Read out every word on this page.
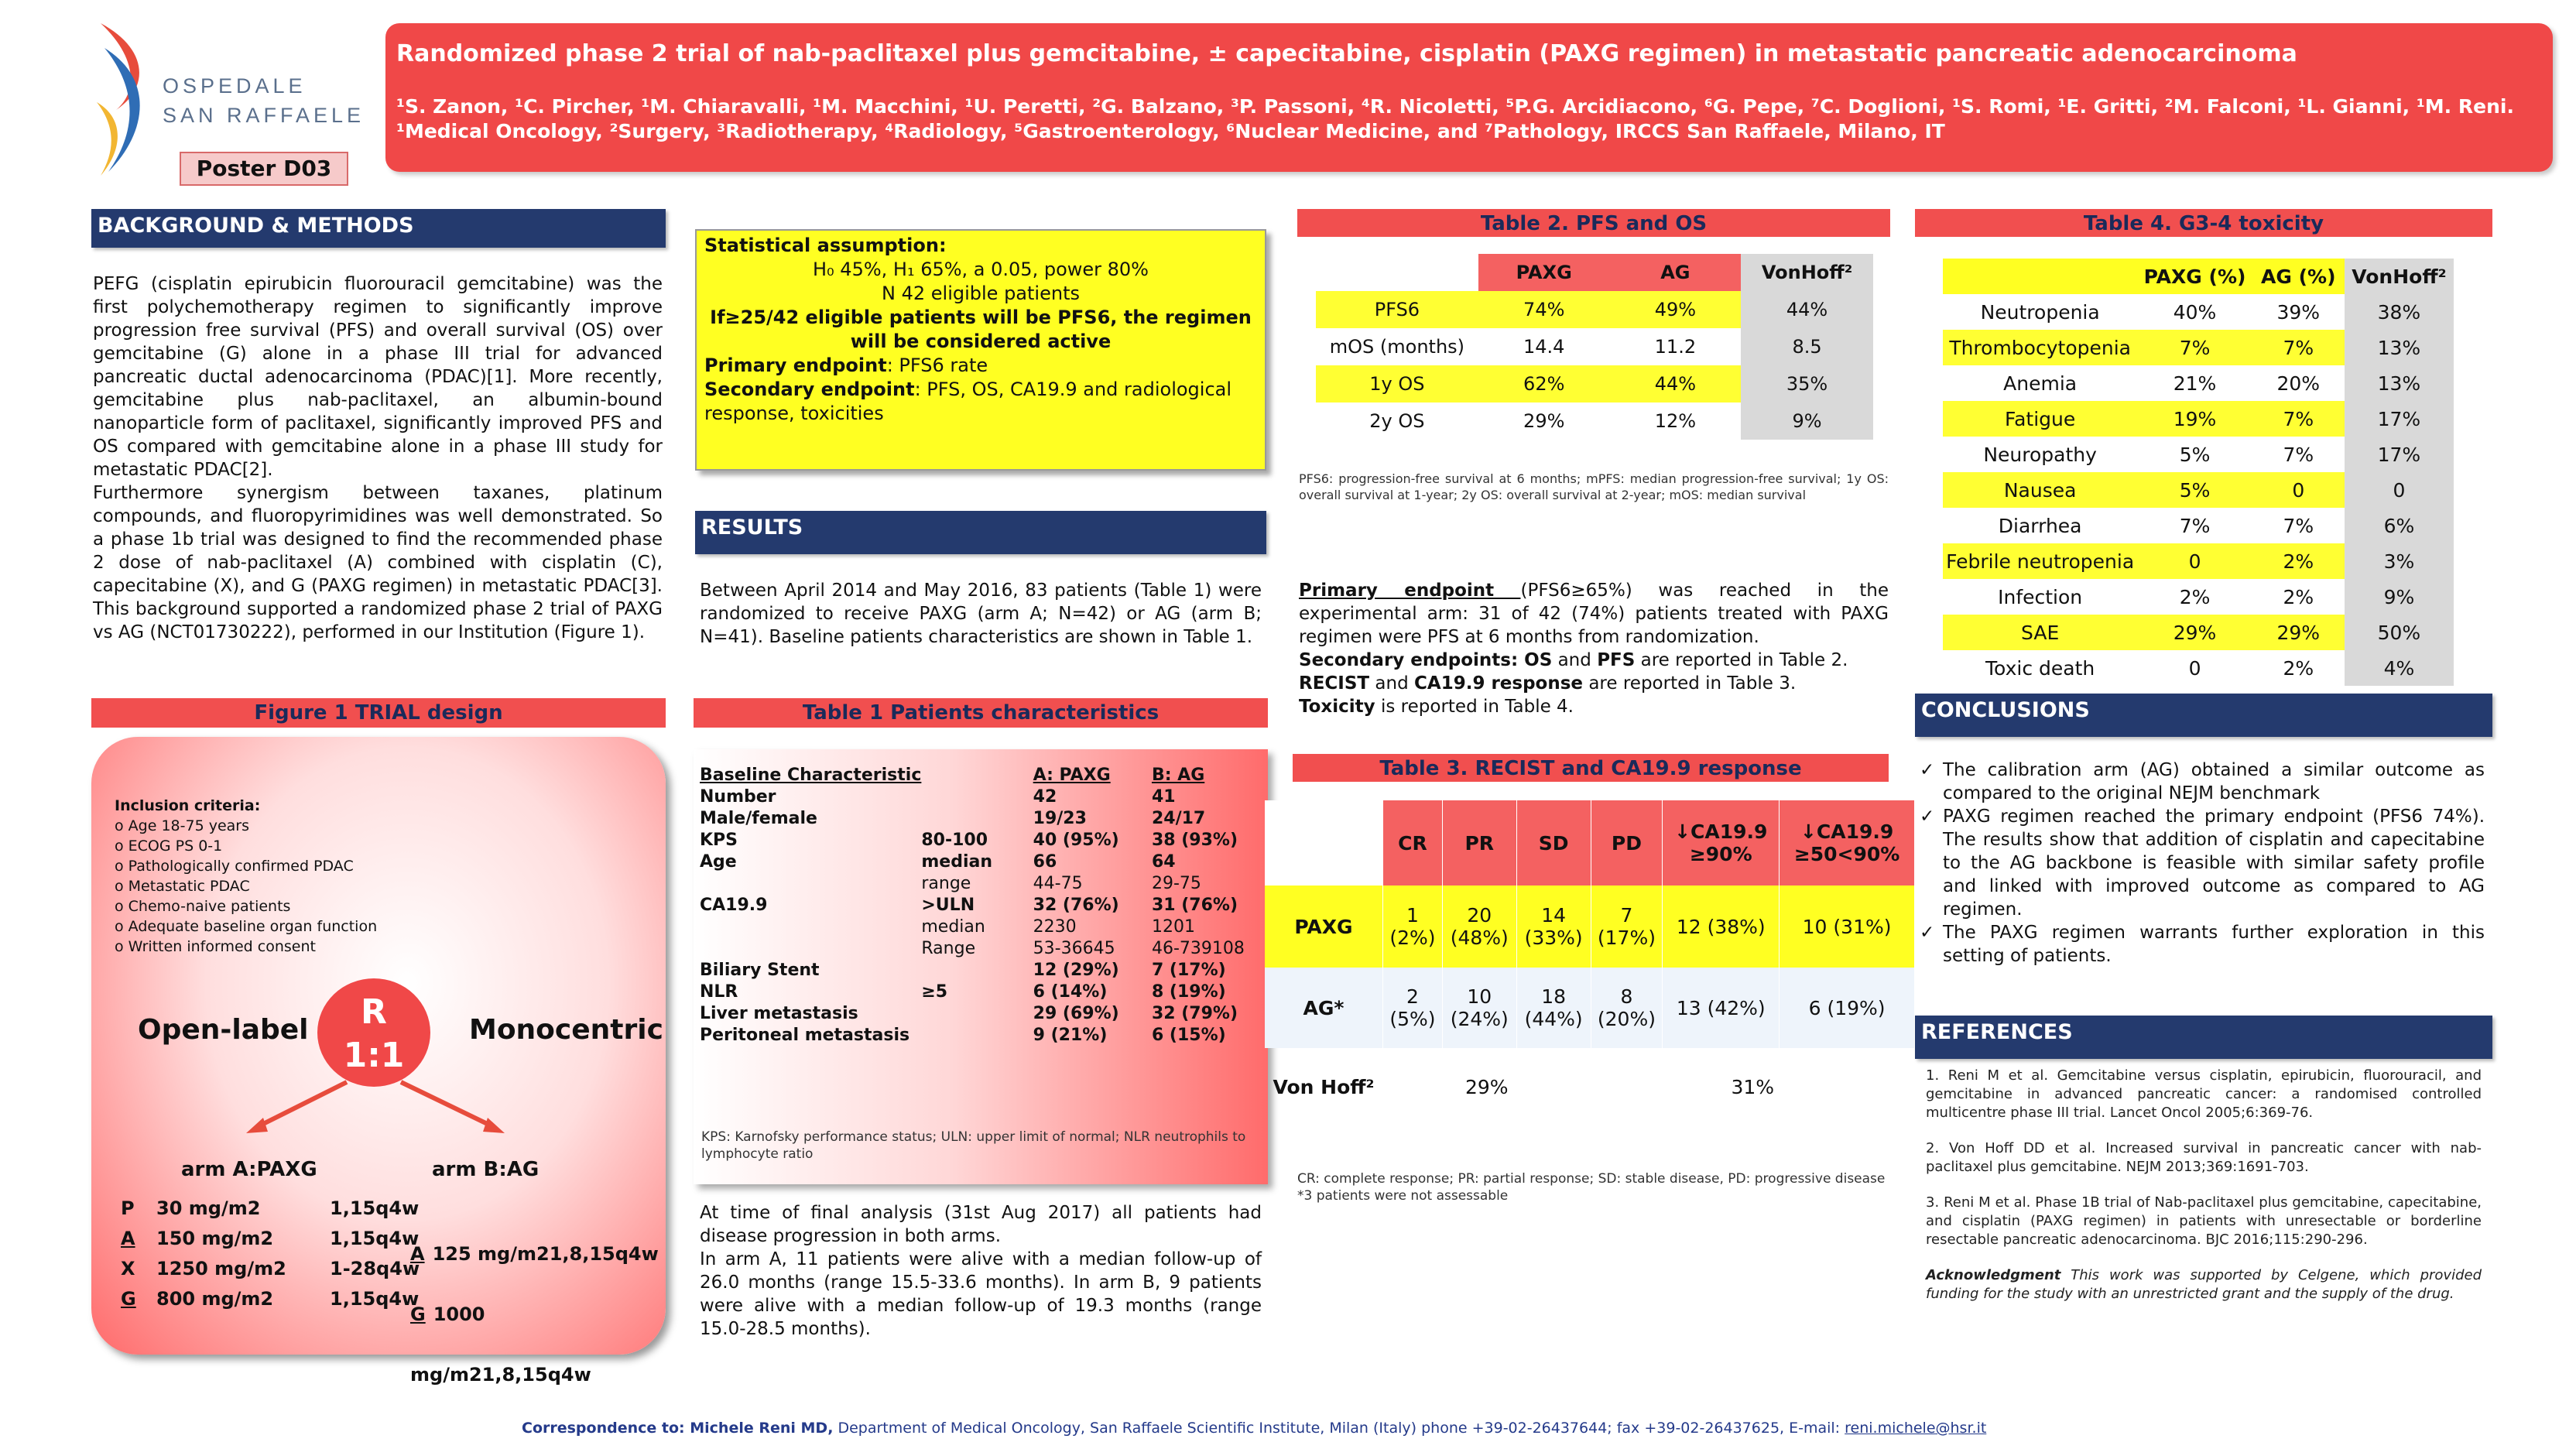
OSPEDALE
SAN RAFFAELE
Poster D03
Randomized phase 2 trial of nab-paclitaxel plus gemcitabine, ± capecitabine, cisplatin (PAXG regimen) in metastatic pancreatic adenocarcinoma
¹S. Zanon, ¹C. Pircher, ¹M. Chiaravalli, ¹M. Macchini, ¹U. Peretti, ²G. Balzano, ³P. Passoni, ⁴R. Nicoletti, ⁵P.G. Arcidiacono, ⁶G. Pepe, ⁷C. Doglioni, ¹S. Romi, ¹E. Gritti, ²M. Falconi, ¹L. Gianni, ¹M. Reni.
¹Medical Oncology, ²Surgery, ³Radiotherapy, ⁴Radiology, ⁵Gastroenterology, ⁶Nuclear Medicine, and ⁷Pathology, IRCCS San Raffaele, Milano, IT
BACKGROUND & METHODS
PEFG (cisplatin epirubicin fluorouracil gemcitabine) was the first polychemotherapy regimen to significantly improve progression free survival (PFS) and overall survival (OS) over gemcitabine (G) alone in a phase III trial for advanced pancreatic ductal adenocarcinoma (PDAC)[1]. More recently, gemcitabine plus nab-paclitaxel, an albumin-bound nanoparticle form of paclitaxel, significantly improved PFS and OS compared with gemcitabine alone in a phase III study for metastatic PDAC[2].
Furthermore synergism between taxanes, platinum compounds, and fluoropyrimidines was well demonstrated. So a phase 1b trial was designed to find the recommended phase 2 dose of nab-paclitaxel (A) combined with cisplatin (C), capecitabine (X), and G (PAXG regimen) in metastatic PDAC[3]. This background supported a randomized phase 2 trial of PAXG vs AG (NCT01730222), performed in our Institution (Figure 1).
Statistical assumption:
H₀ 45%, H₁ 65%, a 0.05, power 80%
N 42 eligible patients
If≥25/42 eligible patients will be PFS6, the regimen will be considered active
Primary endpoint: PFS6 rate
Secondary endpoint: PFS, OS, CA19.9 and radiological response, toxicities
RESULTS
Between April 2014 and May 2016, 83 patients (Table 1) were randomized to receive PAXG (arm A; N=42) or AG (arm B; N=41). Baseline patients characteristics are shown in Table 1.
Figure 1 TRIAL design
Inclusion criteria:
o Age 18-75 years
o ECOG PS 0-1
o Pathologically confirmed PDAC
o Metastatic PDAC
o Chemo-naive patients
o Adequate baseline organ function
o Written informed consent
Open-label	Monocentric
R
1:1
arm A:PAXG	arm B:AG
P 30 mg/m2	1,15q4w
A 150 mg/m2	1,15q4w
X 1250 mg/m2 1-28q4w
G 800 mg/m2	1,15q4w
A 125 mg/m21,8,15q4w
G 1000 mg/m21,8,15q4w
Table 1 Patients characteristics
Baseline Characteristic		A: PAXG	B: AG
Number		42	41
Male/female		19/23	24/17
KPS	80-100	40 (95%)	38 (93%)

Age	median	66	64
	range	44-75	29-75
CA19.9	>ULN	32 (76%)	31 (76%)
	median	2230	1201
	Range	53-36645	46-739108
Biliary Stent		12 (29%)	7 (17%)
NLR	≥5	6 (14%)	8 (19%)
Liver metastasis		29 (69%)	32 (79%)
Peritoneal metastasis		9 (21%)	6 (15%)
KPS: Karnofsky performance status; ULN: upper limit of normal; NLR neutrophils to lymphocyte ratio
At time of final analysis (31st Aug 2017) all patients had disease progression in both arms.
In arm A, 11 patients were alive with a median follow-up of 26.0 months (range 15.5-33.6 months). In arm B, 9 patients were alive with a median follow-up of 19.3 months (range 15.0-28.5 months).
Table 2. PFS and OS
	PAXG	AG	VonHoff²
PFS6	74%	49%	44%
mOS (months)	14.4	11.2	8.5
1y OS	62%	44%	35%
2y OS	29%	12%	9%
PFS6: progression-free survival at 6 months; mPFS: median progression-free survival; 1y OS: overall survival at 1-year; 2y OS: overall survival at 2-year; mOS: median survival
Primary endpoint (PFS6≥65%) was reached in the experimental arm: 31 of 42 (74%) patients treated with PAXG regimen were PFS at 6 months from randomization.
Secondary endpoints: OS and PFS are reported in Table 2.
RECIST and CA19.9 response are reported in Table 3.
Toxicity is reported in Table 4.
Table 3. RECIST and CA19.9 response
	CR	PR	SD	PD	↓CA19.9 ≥90%	↓CA19.9 ≥50<90%
PAXG	1 (2%)	20 (48%)	14 (33%)	7 (17%)	12 (38%)	10 (31%)
AG*	2 (5%)	10 (24%)	18 (44%)	8 (20%)	13 (42%)	6 (19%)
Von Hoff²	29%			31%		
CR: complete response; PR: partial response; SD: stable disease, PD: progressive disease *3 patients were not assessable
Table 4. G3-4 toxicity
	PAXG (%)	AG (%)	VonHoff²
Neutropenia	40%	39%	38%
Thrombocytopenia	7%	7%	13%
Anemia	21%	20%	13%
Fatigue	19%	7%	17%
Neuropathy	5%	7%	17%
Nausea	5%	0	0
Diarrhea	7%	7%	6%
Febrile neutropenia	0	2%	3%
Infection	2%	2%	9%
SAE	29%	29%	50%
Toxic death	0	2%	4%
CONCLUSIONS
✓ The calibration arm (AG) obtained a similar outcome as compared to the original NEJM benchmark
✓ PAXG regimen reached the primary endpoint (PFS6 74%). The results show that addition of cisplatin and capecitabine to the AG backbone is feasible with similar safety profile and linked with improved outcome as compared to AG regimen.
✓ The PAXG regimen warrants further exploration in this setting of patients.
REFERENCES
1. Reni M et al. Gemcitabine versus cisplatin, epirubicin, fluorouracil, and gemcitabine in advanced pancreatic cancer: a randomised controlled multicentre phase III trial. Lancet Oncol 2005;6:369-76.
2. Von Hoff DD et al. Increased survival in pancreatic cancer with nab-paclitaxel plus gemcitabine. NEJM 2013;369:1691-703.
3. Reni M et al. Phase 1B trial of Nab-paclitaxel plus gemcitabine, capecitabine, and cisplatin (PAXG regimen) in patients with unresectable or borderline resectable pancreatic adenocarcinoma. BJC 2016;115:290-296.
Acknowledgment This work was supported by Celgene, which provided funding for the study with an unrestricted grant and the supply of the drug.
Correspondence to: Michele Reni MD, Department of Medical Oncology, San Raffaele Scientific Institute, Milan (Italy) phone +39-02-26437644; fax +39-02-26437625, E-mail: reni.michele@hsr.it
